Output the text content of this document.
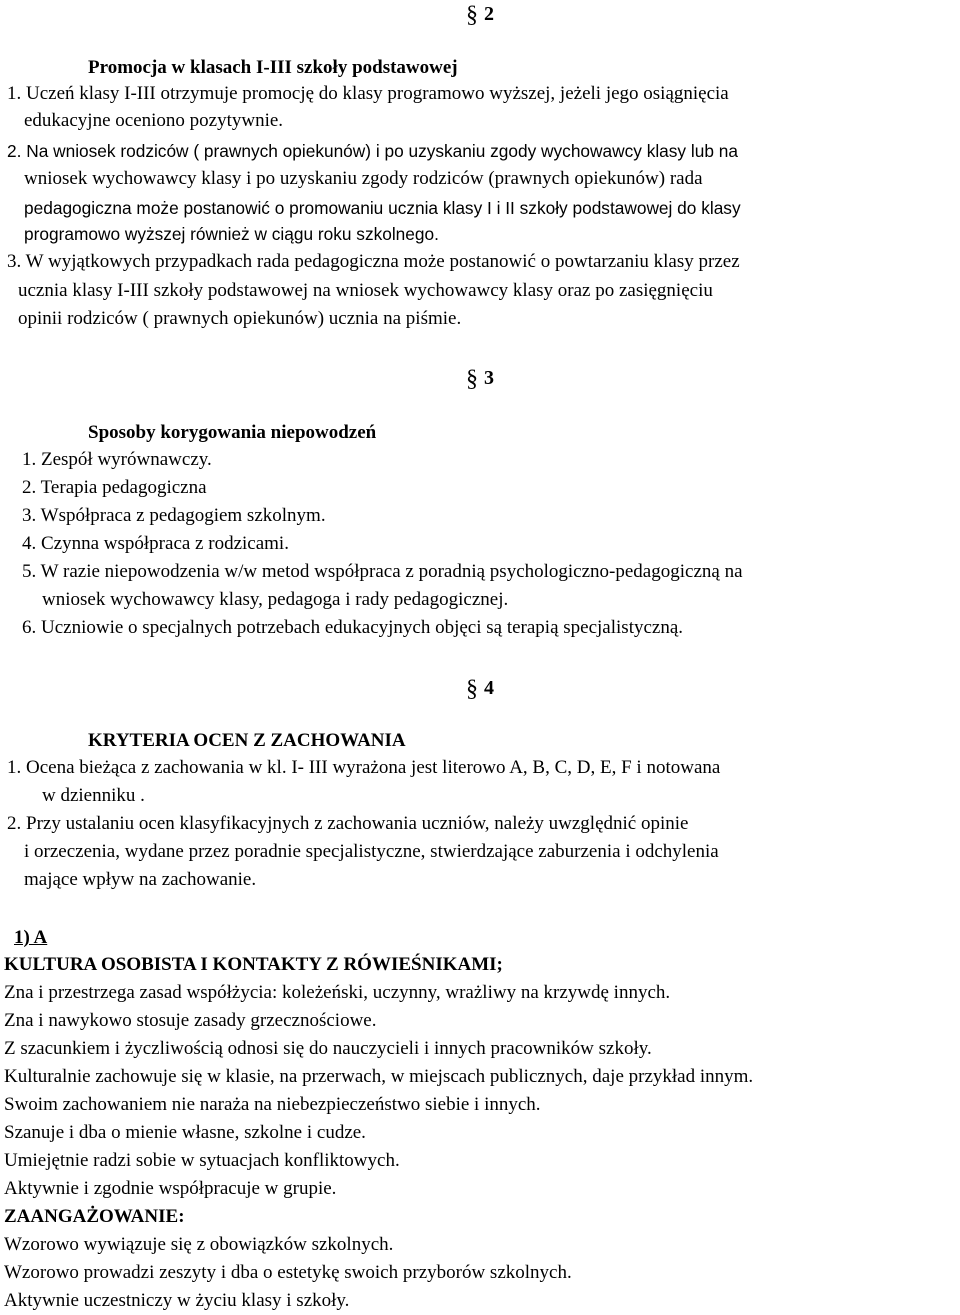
§ 2
Promocja w klasach I-III szkoły podstawowej
1. Uczeń klasy I-III otrzymuje promocję do klasy programowo wyższej, jeżeli jego osiągnięcia
edukacyjne oceniono pozytywnie.
2. Na wniosek rodziców ( prawnych opiekunów) i po uzyskaniu zgody wychowawcy klasy lub na
wniosek wychowawcy klasy i po uzyskaniu zgody rodziców (prawnych opiekunów) rada
pedagogiczna może postanowić o promowaniu ucznia klasy I i II szkoły podstawowej do klasy
programowo wyższej również w ciągu roku szkolnego.
3. W wyjątkowych przypadkach rada pedagogiczna może postanowić o powtarzaniu klasy przez
ucznia klasy I-III szkoły podstawowej na wniosek wychowawcy klasy oraz po zasięgnięciu
opinii rodziców ( prawnych opiekunów) ucznia na piśmie.
§ 3
Sposoby korygowania niepowodzeń
1. Zespół wyrównawczy.
2. Terapia pedagogiczna
3. Współpraca z pedagogiem szkolnym.
4. Czynna współpraca z rodzicami.
5. W razie niepowodzenia w/w metod współpraca z poradnią psychologiczno-pedagogiczną na
wniosek wychowawcy klasy, pedagoga i rady pedagogicznej.
6. Uczniowie o specjalnych potrzebach edukacyjnych objęci są terapią specjalistyczną.
§ 4
KRYTERIA OCEN Z ZACHOWANIA
1. Ocena bieżąca z zachowania w kl. I- III wyrażona jest literowo A, B, C, D, E, F i notowana
w dzienniku .
2. Przy ustalaniu ocen klasyfikacyjnych z zachowania uczniów, należy uwzględnić opinie
i orzeczenia, wydane przez poradnie specjalistyczne, stwierdzające zaburzenia i odchylenia
mające wpływ na zachowanie.
1) A
KULTURA OSOBISTA I KONTAKTY Z RÓWIEŚNIKAMI;
Zna i przestrzega zasad współżycia: koleżeński, uczynny, wrażliwy na krzywdę innych.
Zna i nawykowo stosuje zasady grzecznościowe.
Z szacunkiem i życzliwością odnosi się do nauczycieli i innych pracowników szkoły.
Kulturalnie zachowuje się w klasie, na przerwach, w miejscach publicznych, daje przykład innym.
Swoim zachowaniem nie naraża na niebezpieczeństwo siebie i innych.
Szanuje i dba o mienie własne, szkolne i cudze.
Umiejętnie radzi sobie w sytuacjach konfliktowych.
Aktywnie i zgodnie współpracuje w grupie.
ZAANGAŻOWANIE:
Wzorowo wywiązuje się z obowiązków szkolnych.
Wzorowo prowadzi zeszyty i dba o estetykę swoich przyborów szkolnych.
Aktywnie uczestniczy w życiu klasy i szkoły.
